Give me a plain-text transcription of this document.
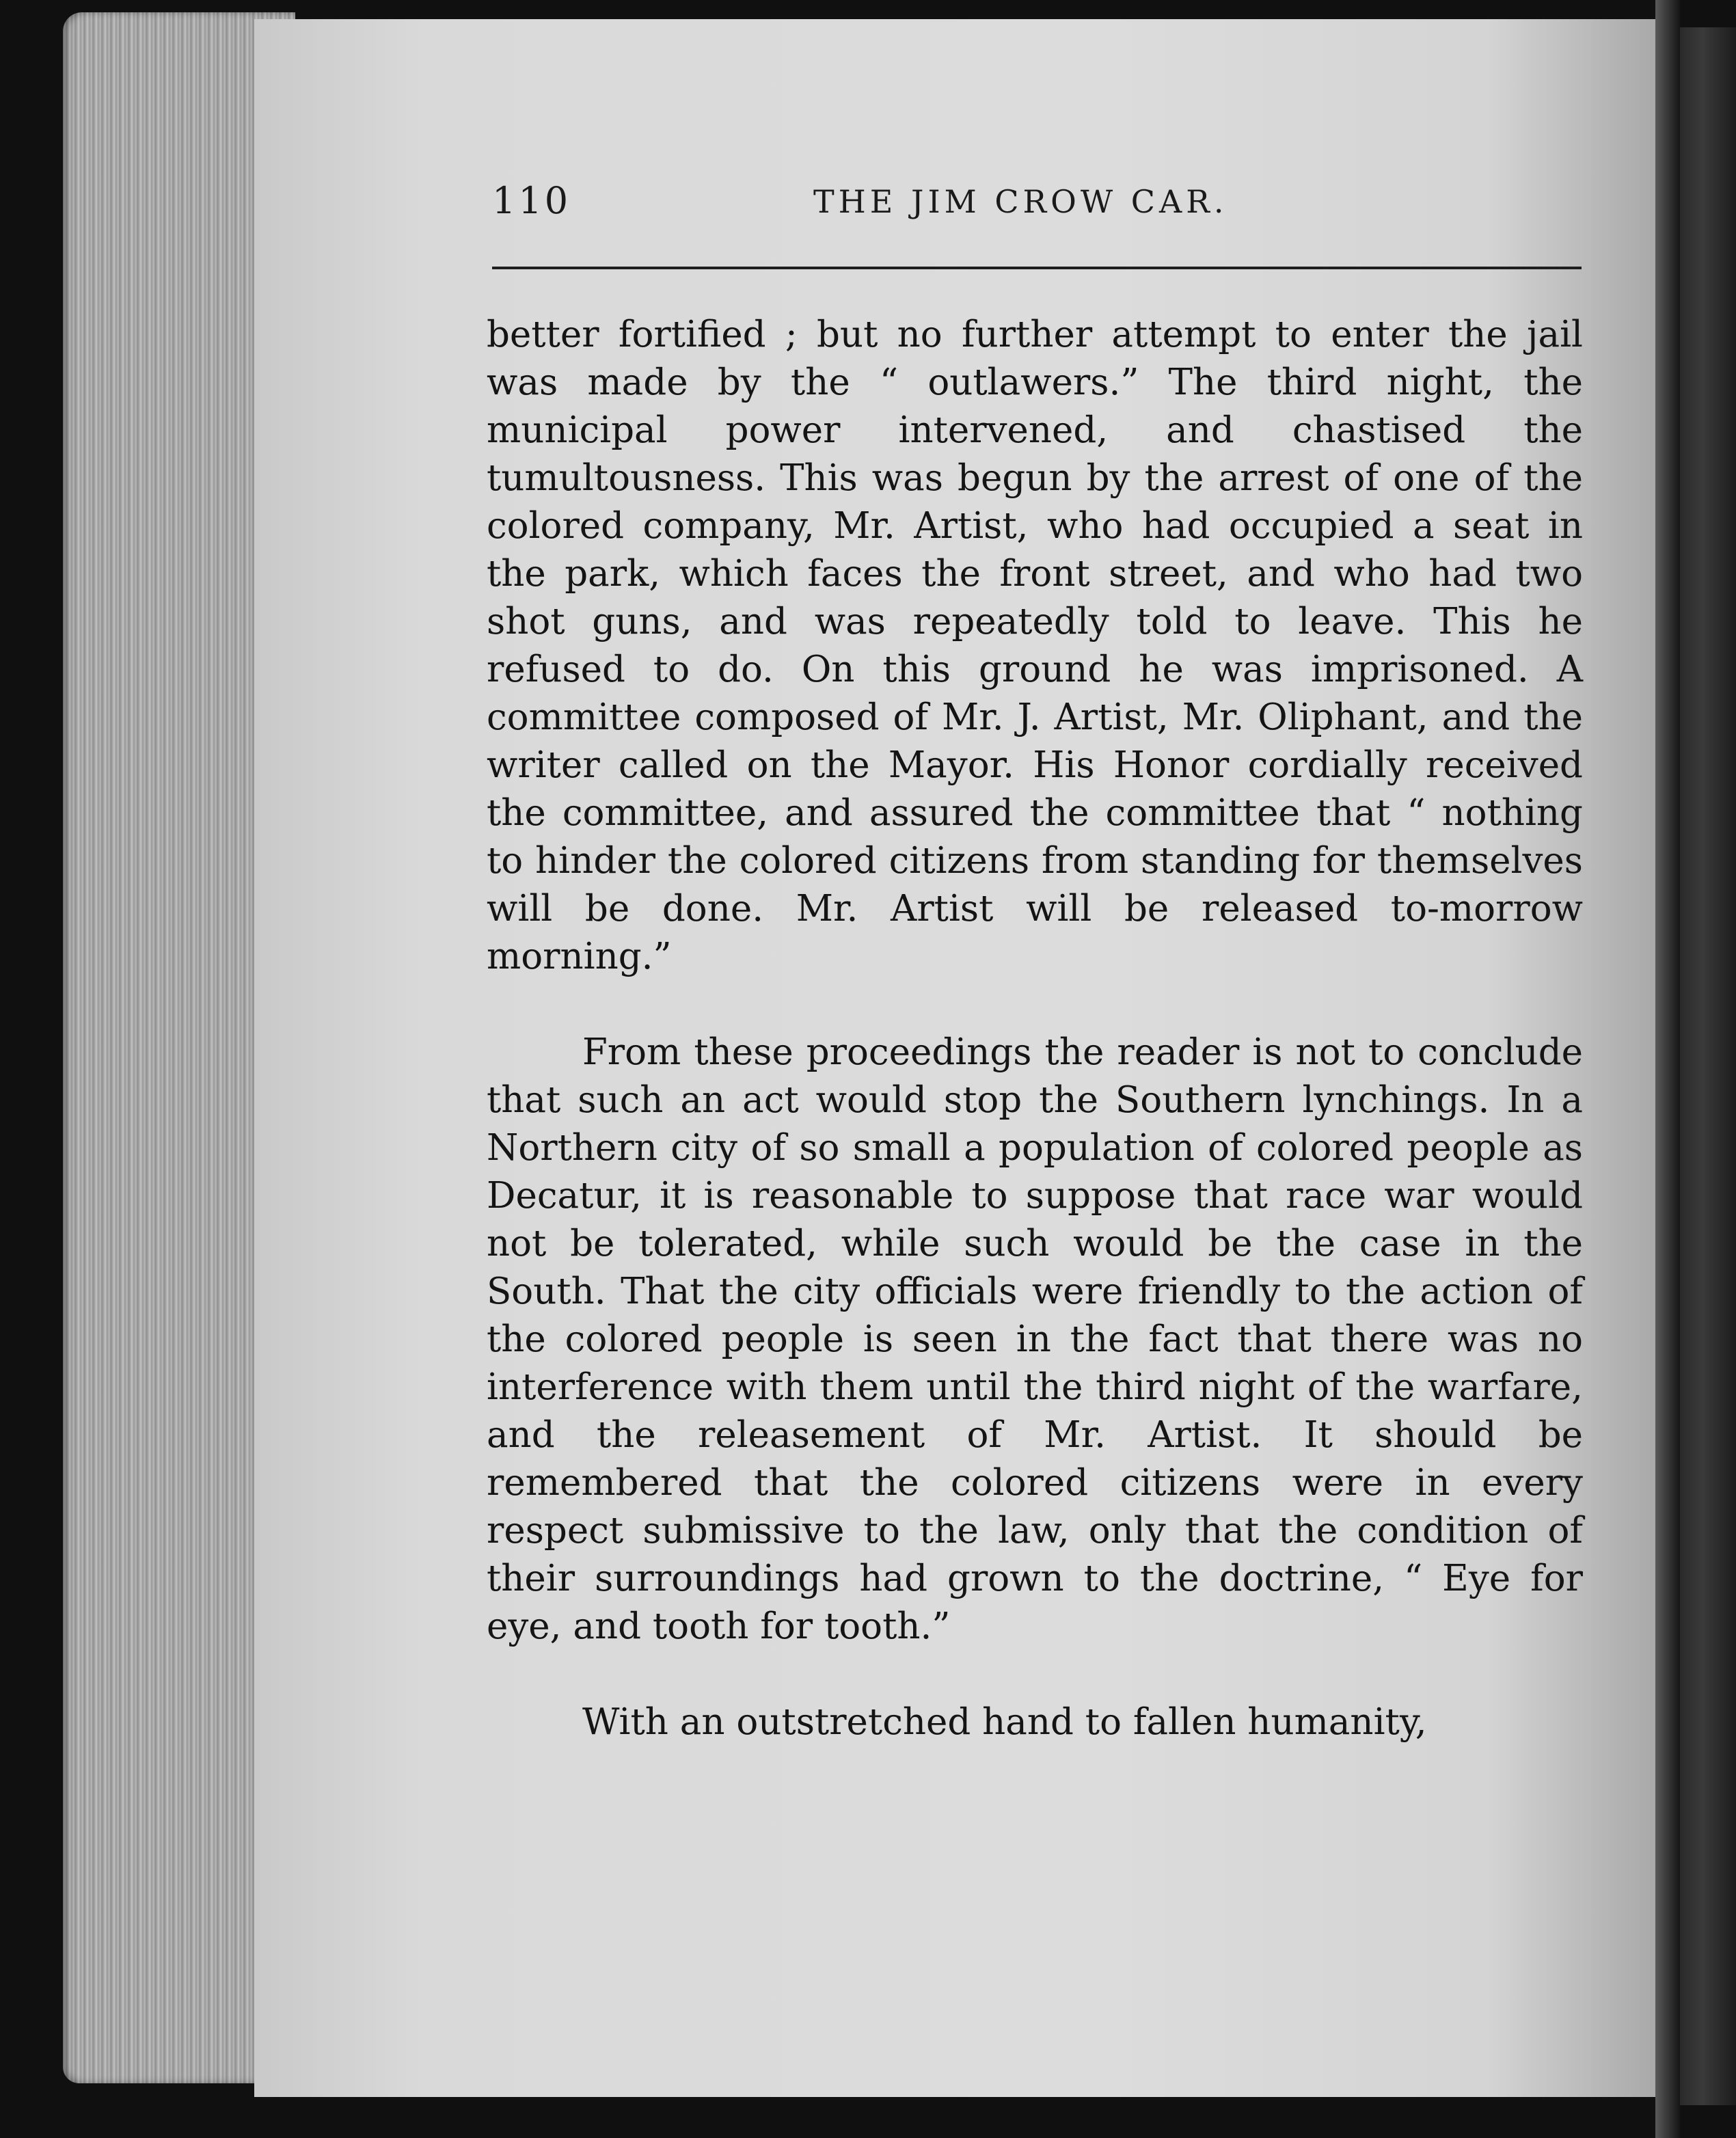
110	THE JIM CROW CAR.

better fortified ; but no further attempt to enter the jail was made by the “ outlawers.” The third night, the municipal power intervened, and chastised the tumultousness. This was begun by the arrest of one of the colored company, Mr. Artist, who had occupied a seat in the park, which faces the front street, and who had two shot guns, and was repeatedly told to leave. This he refused to do. On this ground he was imprisoned. A committee composed of Mr. J. Artist, Mr. Oliphant, and the writer called on the Mayor. His Honor cordially received the committee, and assured the committee that “ nothing to hinder the colored citizens from standing for themselves will be done. Mr. Artist will be released to-morrow morning.”

From these proceedings the reader is not to conclude that such an act would stop the Southern lynchings. In a Northern city of so small a population of colored people as Decatur, it is reasonable to suppose that race war would not be tolerated, while such would be the case in the South. That the city officials were friendly to the action of the colored people is seen in the fact that there was no interference with them until the third night of the warfare, and the releasement of Mr. Artist. It should be remembered that the colored citizens were in every respect submissive to the law, only that the condition of their surroundings had grown to the doctrine, “ Eye for eye, and tooth for tooth.”

With an outstretched hand to fallen humanity,
